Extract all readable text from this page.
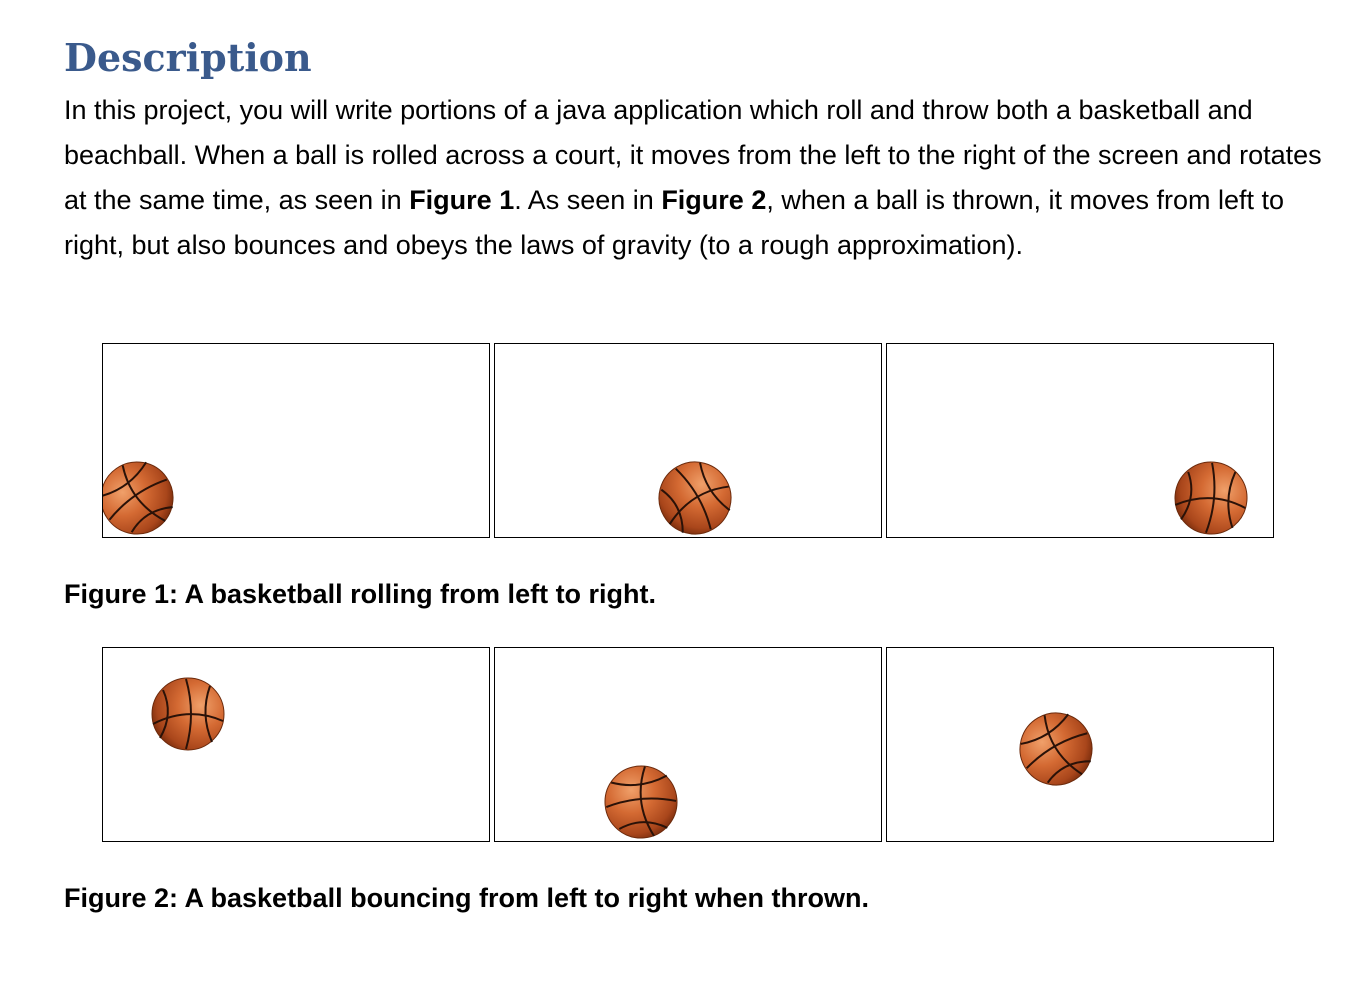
Description

In this project, you will write portions of a java application which roll and throw both a basketball and beachball. When a ball is rolled across a court, it moves from the left to the right of the screen and rotates at the same time, as seen in Figure 1. As seen in Figure 2, when a ball is thrown, it moves from left to right, but also bounces and obeys the laws of gravity (to a rough approximation).

Figure 1: A basketball rolling from left to right.

Figure 2: A basketball bouncing from left to right when thrown.
